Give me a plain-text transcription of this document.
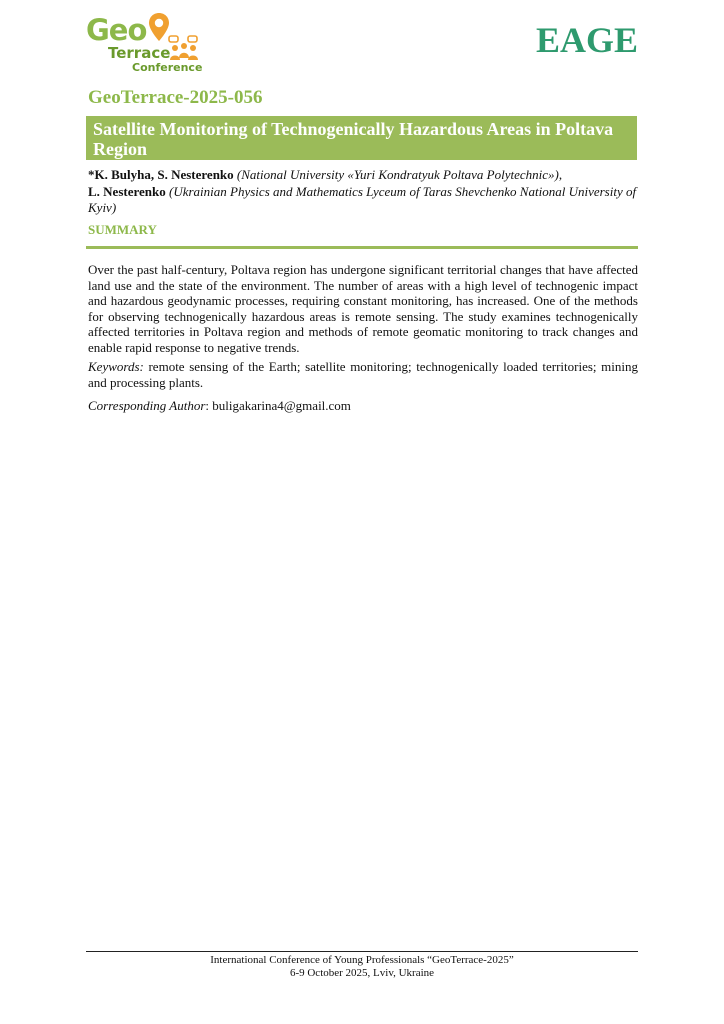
Geo
Terrace
Conference
EAGE
GeoTerrace-2025-056
Satellite Monitoring of Technogenically Hazardous Areas in Poltava Region
*K. Bulyha, S. Nesterenko (National University «Yuri Kondratyuk Poltava Polytechnic»),
L. Nesterenko (Ukrainian Physics and Mathematics Lyceum of Taras Shevchenko National University of Kyiv)
SUMMARY

Over the past half-century, Poltava region has undergone significant territorial changes that have affected land use and the state of the environment. The number of areas with a high level of technogenic impact and hazardous geodynamic processes, requiring constant monitoring, has increased. One of the methods for observing technogenically hazardous areas is remote sensing. The study examines technogenically affected territories in Poltava region and methods of remote geomatic monitoring to track changes and enable rapid response to negative trends.

Keywords: remote sensing of the Earth; satellite monitoring; technogenically loaded territories; mining and processing plants.

Corresponding Author: buligakarina4@gmail.com

International Conference of Young Professionals “GeoTerrace-2025”
6-9 October 2025, Lviv, Ukraine
